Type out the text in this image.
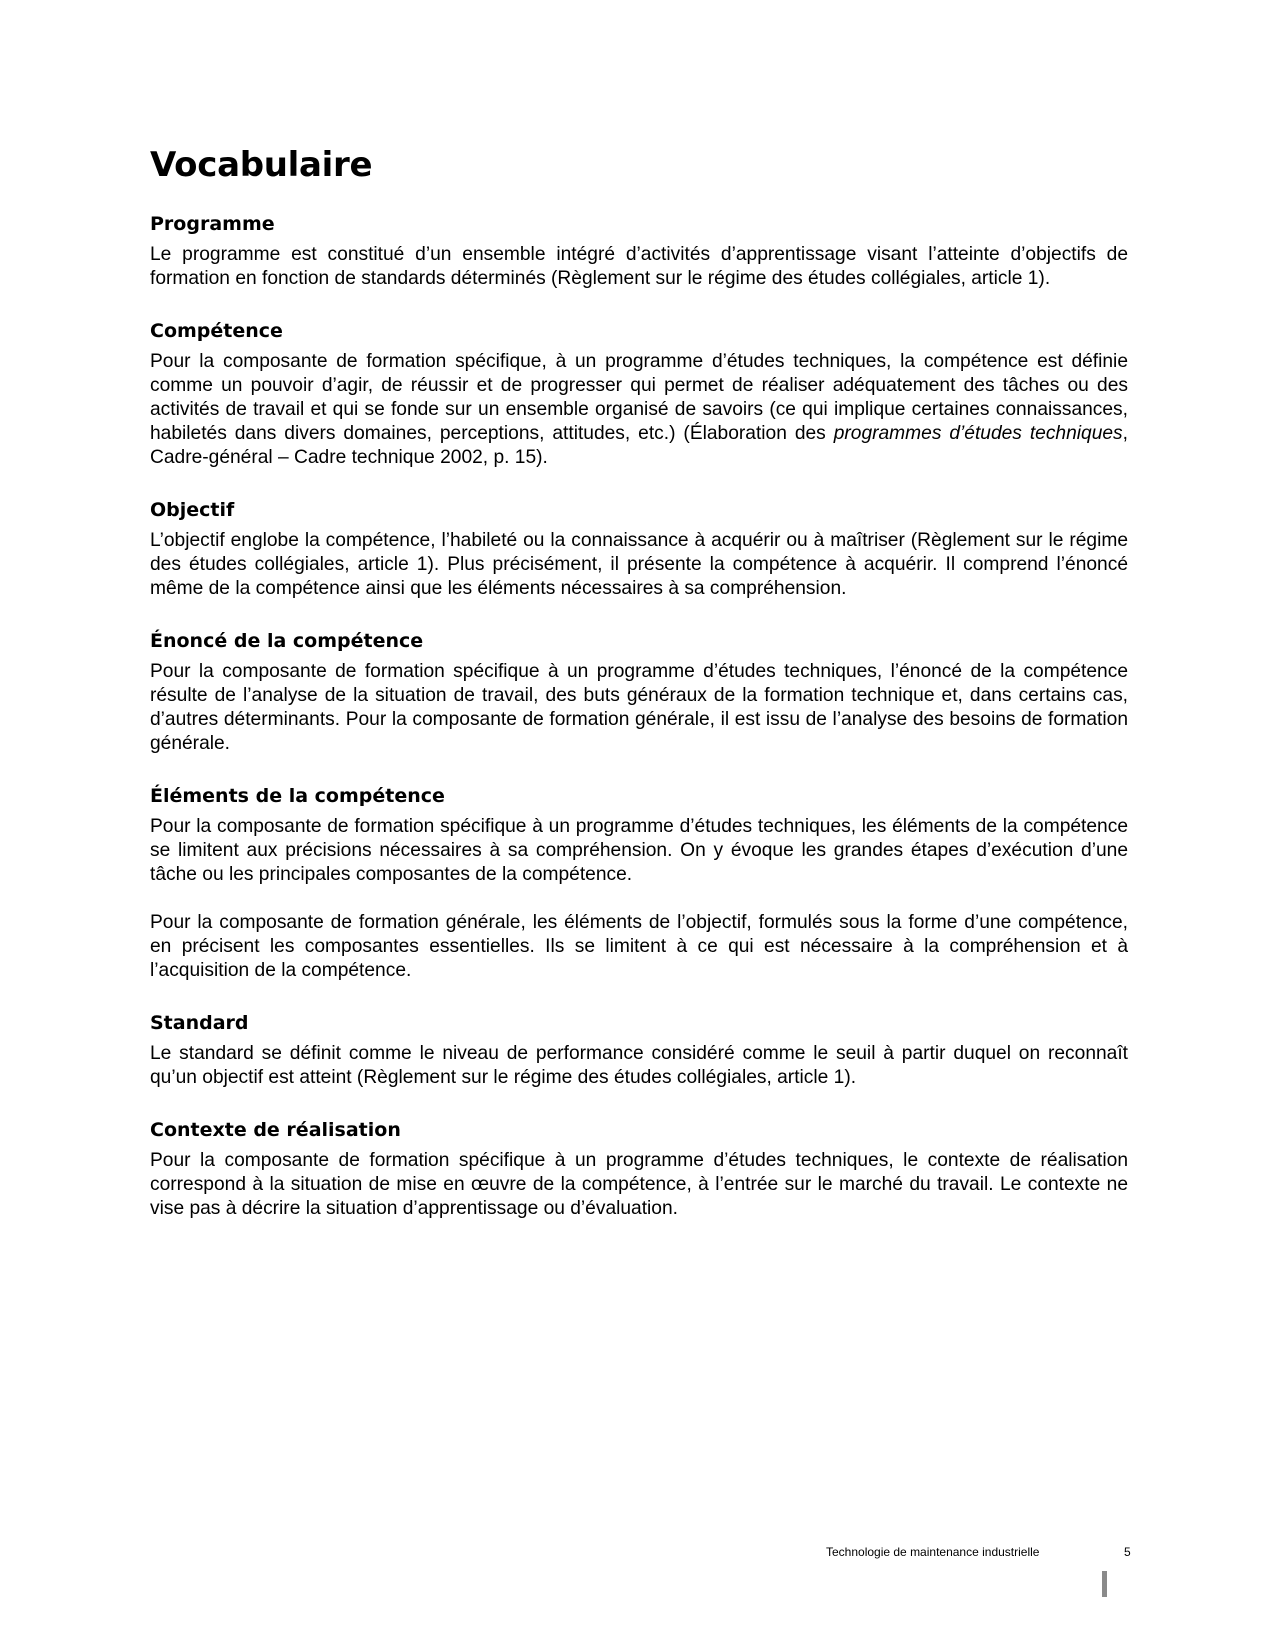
Vocabulaire
Programme

Le programme est constitué d’un ensemble intégré d’activités d’apprentissage visant l’atteinte d’objectifs de formation en fonction de standards déterminés (Règlement sur le régime des études collégiales, article 1).

Compétence

Pour la composante de formation spécifique, à un programme d’études techniques, la compétence est définie comme un pouvoir d’agir, de réussir et de progresser qui permet de réaliser adéquatement des tâches ou des activités de travail et qui se fonde sur un ensemble organisé de savoirs (ce qui implique certaines connaissances, habiletés dans divers domaines, perceptions, attitudes, etc.) (Élaboration des programmes d’études techniques, Cadre-général – Cadre technique 2002, p. 15).

Objectif

L’objectif englobe la compétence, l’habileté ou la connaissance à acquérir ou à maîtriser (Règlement sur le régime des études collégiales, article 1). Plus précisément, il présente la compétence à acquérir. Il comprend l’énoncé même de la compétence ainsi que les éléments nécessaires à sa compréhension.

Énoncé de la compétence

Pour la composante de formation spécifique à un programme d’études techniques, l’énoncé de la compétence résulte de l’analyse de la situation de travail, des buts généraux de la formation technique et, dans certains cas, d’autres déterminants. Pour la composante de formation générale, il est issu de l’analyse des besoins de formation générale.

Éléments de la compétence

Pour la composante de formation spécifique à un programme d’études techniques, les éléments de la compétence se limitent aux précisions nécessaires à sa compréhension. On y évoque les grandes étapes d’exécution d’une tâche ou les principales composantes de la compétence.

Pour la composante de formation générale, les éléments de l’objectif, formulés sous la forme d’une compétence, en précisent les composantes essentielles. Ils se limitent à ce qui est nécessaire à la compréhension et à l’acquisition de la compétence.

Standard

Le standard se définit comme le niveau de performance considéré comme le seuil à partir duquel on reconnaît qu’un objectif est atteint (Règlement sur le régime des études collégiales, article 1).

Contexte de réalisation

Pour la composante de formation spécifique à un programme d’études techniques, le contexte de réalisation correspond à la situation de mise en œuvre de la compétence, à l’entrée sur le marché du travail. Le contexte ne vise pas à décrire la situation d’apprentissage ou d’évaluation.

Technologie de maintenance industrielle	5
